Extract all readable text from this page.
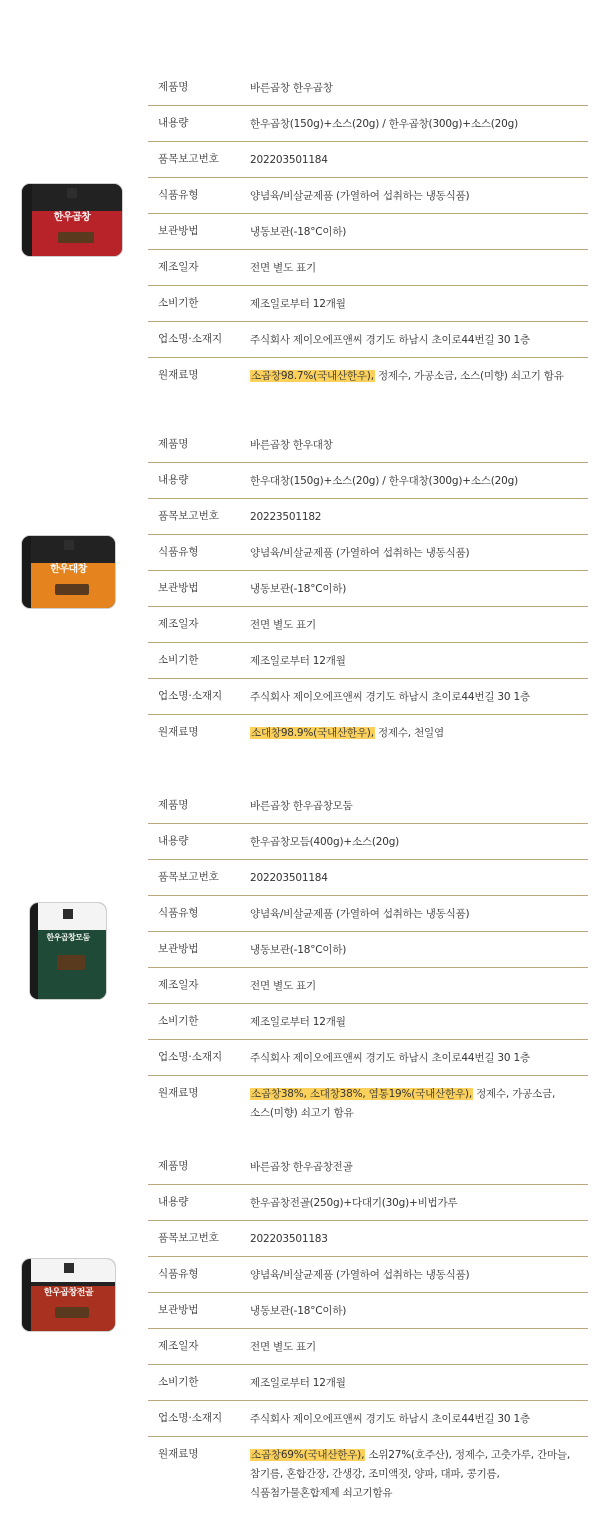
한우곱창
제품명	바른곱창 한우곱창
내용량	한우곱창(150g)+소스(20g) / 한우곱창(300g)+소스(20g)
품목보고번호	202203501184
식품유형	양념육/비살균제품 (가열하여 섭취하는 냉동식품)
보관방법	냉동보관(-18°C이하)
제조일자	전면 별도 표기
소비기한	제조일로부터 12개월
업소명·소재지	주식회사 제이오에프앤씨 경기도 하남시 초이로44번길 30 1층
원재료명	소곱창98.7%(국내산한우), 정제수, 가공소금, 소스(미향) 쇠고기 함유
한우대창
제품명	바른곱창 한우대창
내용량	한우대창(150g)+소스(20g) / 한우대창(300g)+소스(20g)
품목보고번호	20223501182
식품유형	양념육/비살균제품 (가열하여 섭취하는 냉동식품)
보관방법	냉동보관(-18°C이하)
제조일자	전면 별도 표기
소비기한	제조일로부터 12개월
업소명·소재지	주식회사 제이오에프앤씨 경기도 하남시 초이로44번길 30 1층
원재료명	소대창98.9%(국내산한우), 정제수, 천일염
한우곱창모둠
제품명	바른곱창 한우곱창모둠
내용량	한우곱창모듬(400g)+소스(20g)
품목보고번호	202203501184
식품유형	양념육/비살균제품 (가열하여 섭취하는 냉동식품)
보관방법	냉동보관(-18°C이하)
제조일자	전면 별도 표기
소비기한	제조일로부터 12개월
업소명·소재지	주식회사 제이오에프앤씨 경기도 하남시 초이로44번길 30 1층
원재료명	소곱창38%, 소대창38%, 염통19%(국내산한우), 정제수, 가공소금,
소스(미향) 쇠고기 함유
한우곱창전골
제품명	바른곱창 한우곱창전골
내용량	한우곱창전골(250g)+다대기(30g)+비법가루
품목보고번호	202203501183
식품유형	양념육/비살균제품 (가열하여 섭취하는 냉동식품)
보관방법	냉동보관(-18°C이하)
제조일자	전면 별도 표기
소비기한	제조일로부터 12개월
업소명·소재지	주식회사 제이오에프앤씨 경기도 하남시 초이로44번길 30 1층
원재료명	소곱창69%(국내산한우), 소위27%(호주산), 정제수, 고춧가루, 간마늘,
참기름, 혼합간장, 간생강, 조미액젓, 양파, 대파, 콩기름,
식품첨가물혼합제제 쇠고기함유
